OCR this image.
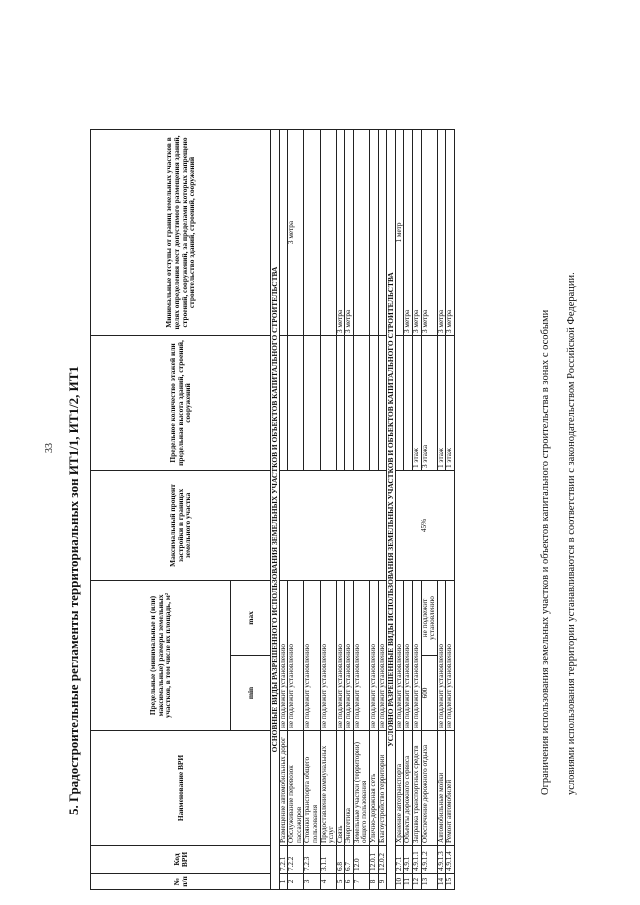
33 5. Градостроительные регламенты территориальных зон ИТ1/1, ИТ1/2, ИТ1
№ п/п	Код ВРИ	Наименование ВРИ	Предельные (минимальные и (или) максимальные) размеры земельных участков, в том числе их площадь, м²		Максимальный процент застройки в границах земельного участка	Предельное количество этажей или предельная высота зданий, строений, сооружений	Минимальные отступы от границ земельных участков в целях определения мест допустимого размещения зданий, строений, сооружений, за пределами которых запрещено строительство зданий, строений, сооружений
			min	max			
ОСНОВНЫЕ ВИДЫ РАЗРЕШЕННОГО ИСПОЛЬЗОВАНИЯ ЗЕМЕЛЬНЫХ УЧАСТКОВ И ОБЪЕКТОВ КАПИТАЛЬНОГО СТРОИТЕЛЬСТВА							
1	7.2.1	Размещение автомобильных дорог	не подлежит установлению				
2	7.2.2	Обслуживание перевозок пассажиров	не подлежит установлению				3 метра
3	7.2.3	Стоянки транспорта общего пользования	не подлежит установлению				
4	3.1.1	Предоставление коммунальных услуг	не подлежит установлению				
5	6.8	Связь	не подлежит установлению				3 метра
6	6.7	Энергетика	не подлежит установлению				3 метра
7	12.0	Земельные участки (территории) общего пользования	не подлежит установлению				
8	12.0.1	Улично-дорожная сеть	не подлежит установлению				
9	12.0.2	Благоустройство территории	не подлежит установлению				
УСЛОВНО РАЗРЕШЕННЫЕ ВИДЫ ИСПОЛЬЗОВАНИЯ ЗЕМЕЛЬНЫХ УЧАСТКОВ И ОБЪЕКТОВ КАПИТАЛЬНОГО СТРОИТЕЛЬСТВА							
10	2.7.1	Хранение автотранспорта	не подлежит установлению		45%		1 метр
11	4.9.1	Объекты дорожного сервиса	не подлежит установлению				3 метра
12	4.9.1.1	Заправка транспортных средств	не подлежит установлению			1 этаж	3 метра
13	4.9.1.2	Обеспечение дорожного отдыха	600	не подлежит установлению		3 этажа	3 метра
14	4.9.1.3	Автомобильные мойки	не подлежит установлению			1 этаж	3 метра
15	4.9.1.4	Ремонт автомобилей	не подлежит установлению			1 этаж	3 метра	Ограничения использования земельных участков и объектов капитального строительства в зонах с особыми условиями использования территории устанавливаются в соответствии с законодательством Российской Федерации.
